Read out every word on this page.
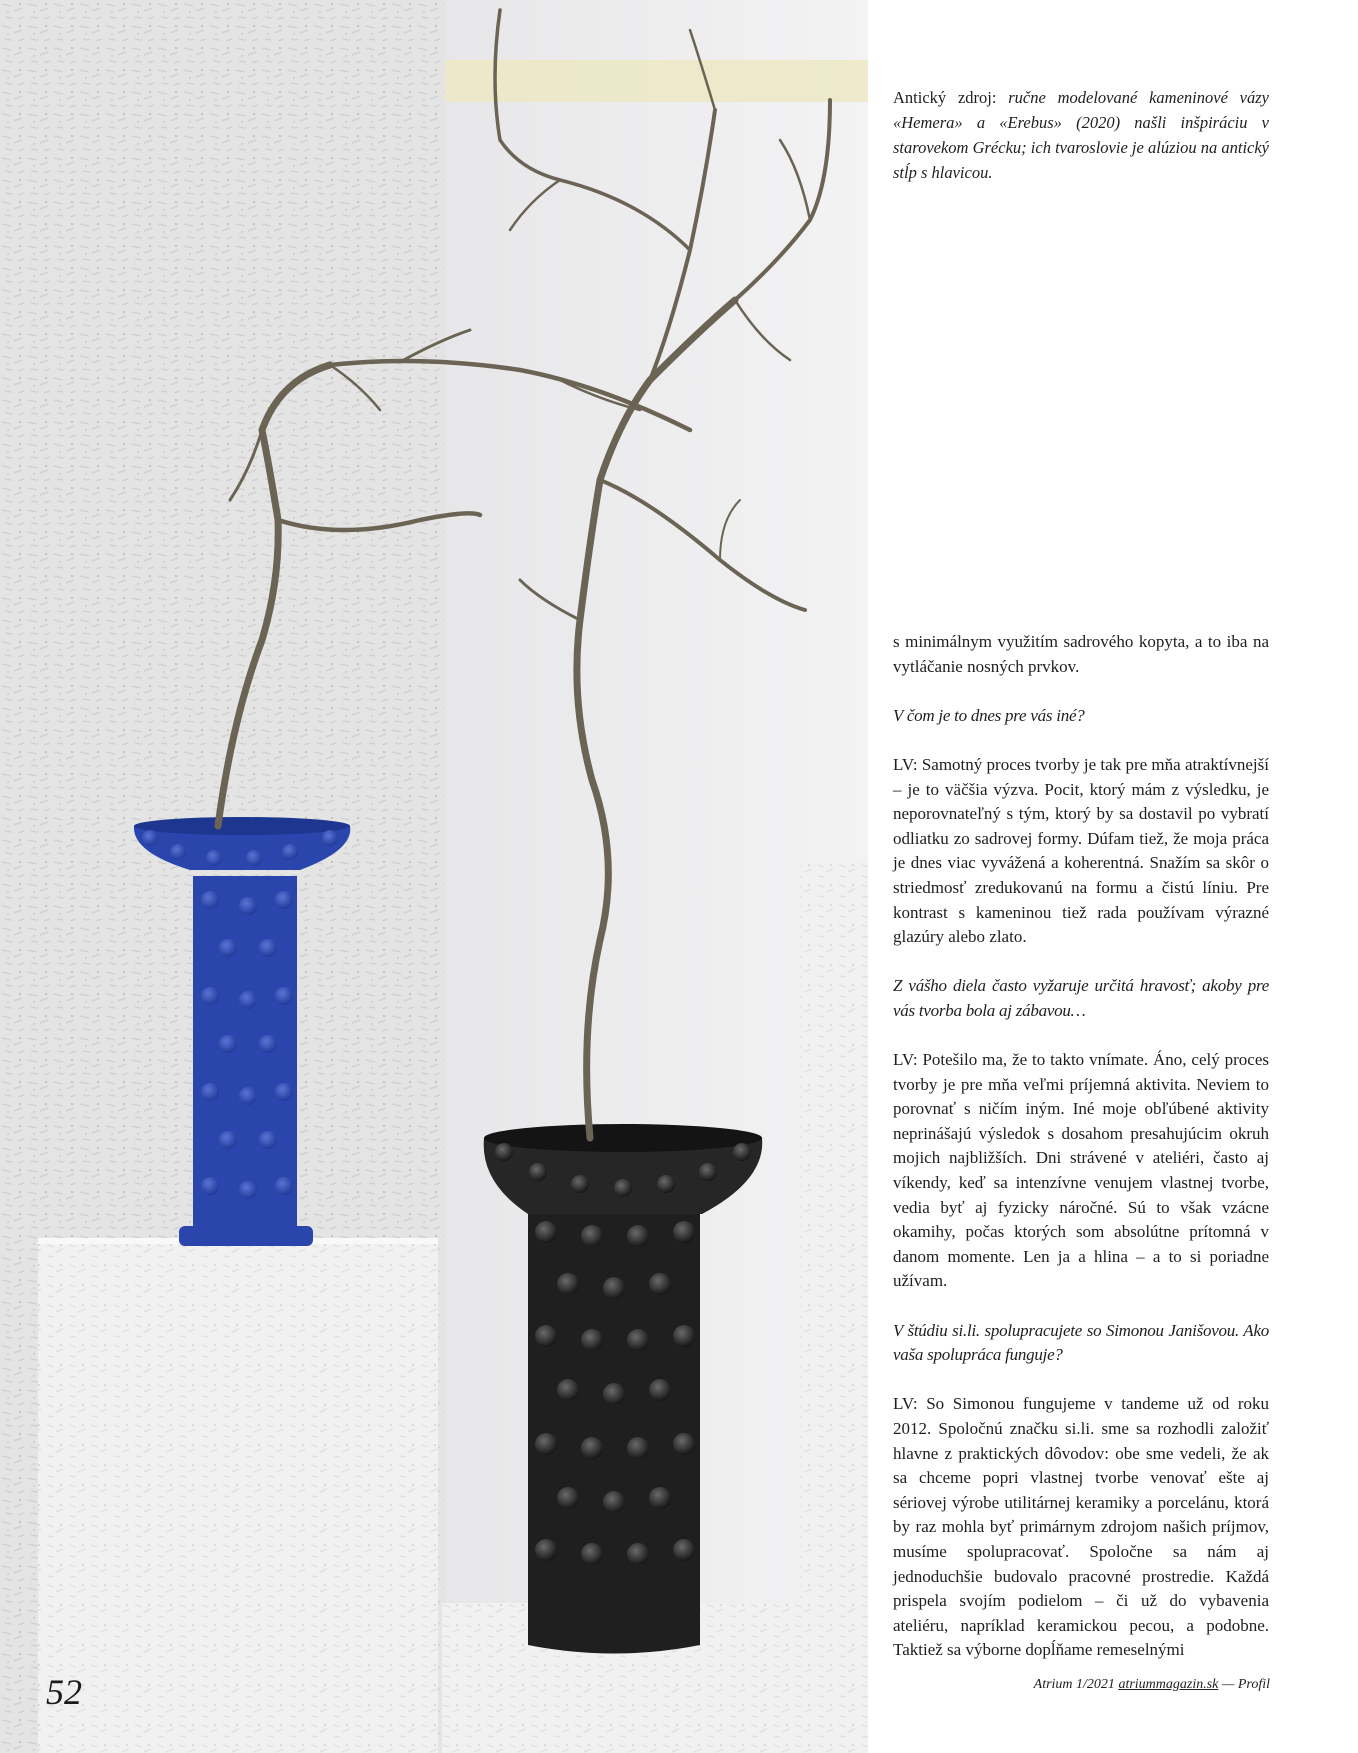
Antický zdroj: ručne modelované kameninové vázy «Hemera» a «Erebus» (2020) našli inšpiráciu v starovekom Grécku; ich tvaroslovie je alúziou na antický stĺp s hlavicou.

s minimálnym využitím sadrového kopyta, a to iba na vytláčanie nosných prvkov.

V čom je to dnes pre vás iné?

LV: Samotný proces tvorby je tak pre mňa atraktívnejší – je to väčšia výzva. Pocit, ktorý mám z výsledku, je neporovnateľný s tým, ktorý by sa dostavil po vybratí odliatku zo sadrovej formy. Dúfam tiež, že moja práca je dnes viac vyvážená a koherentná. Snažím sa skôr o striedmosť zredukovanú na formu a čistú líniu. Pre kontrast s kameninou tiež rada používam výrazné glazúry alebo zlato.

Z vášho diela často vyžaruje určitá hravosť; akoby pre vás tvorba bola aj zábavou…

LV: Potešilo ma, že to takto vnímate. Áno, celý proces tvorby je pre mňa veľmi príjemná aktivita. Neviem to porovnať s ničím iným. Iné moje obľúbené aktivity neprinášajú výsledok s dosahom presahujúcim okruh mojich najbližších. Dni strávené v ateliéri, často aj víkendy, keď sa intenzívne venujem vlastnej tvorbe, vedia byť aj fyzicky náročné. Sú to však vzácne okamihy, počas ktorých som absolútne prítomná v danom momente. Len ja a hlina – a to si poriadne užívam.

V štúdiu si.li. spolupracujete so Simonou Janišovou. Ako vaša spolupráca funguje?

LV: So Simonou fungujeme v tandeme už od roku 2012. Spoločnú značku si.li. sme sa rozhodli založiť hlavne z praktických dôvodov: obe sme vedeli, že ak sa chceme popri vlastnej tvorbe venovať ešte aj sériovej výrobe utilitárnej keramiky a porcelánu, ktorá by raz mohla byť primárnym zdrojom našich príjmov, musíme spolupracovať. Spoločne sa nám aj jednoduchšie budovalo pracovné prostredie. Každá prispela svojím podielom – či už do vybavenia ateliéru, napríklad keramickou pecou, a podobne. Taktiež sa výborne dopĺňame remeselnými

52	Atrium 1/2021 atriummagazin.sk — Profil
